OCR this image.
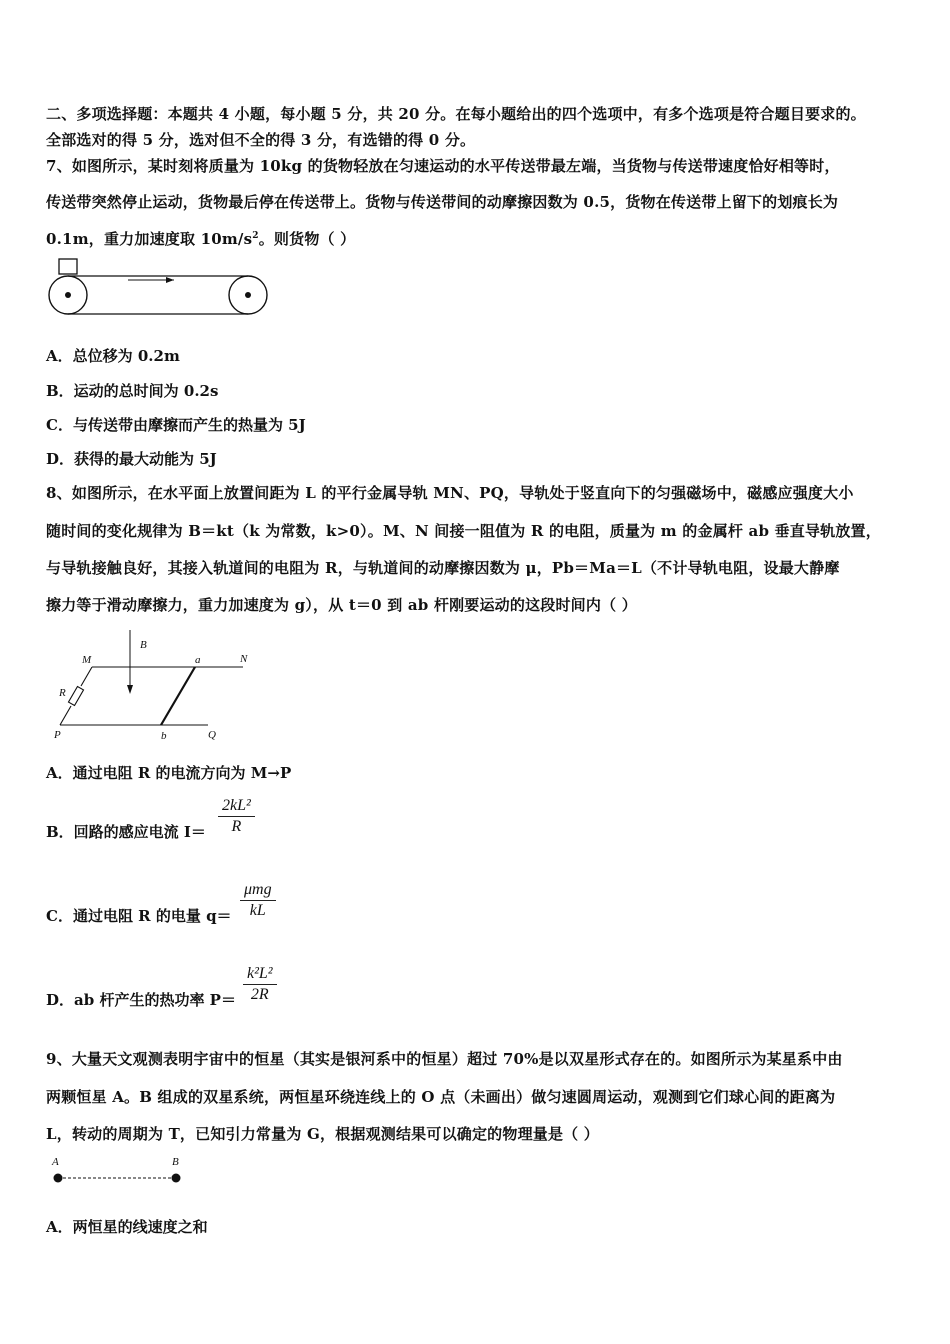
二、多项选择题：本题共 4 小题，每小题 5 分，共 20 分。在每小题给出的四个选项中，有多个选项是符合题目要求的。
全部选对的得 5 分，选对但不全的得 3 分，有选错的得 0 分。
7、如图所示，某时刻将质量为 10kg 的货物轻放在匀速运动的水平传送带最左端，当货物与传送带速度恰好相等时，
传送带突然停止运动，货物最后停在传送带上。货物与传送带间的动摩擦因数为 0.5，货物在传送带上留下的划痕长为
0.1m，重力加速度取 $10m/s^2$。则货物（ ）
A．总位移为 0.2m
B．运动的总时间为 0.2s
C．与传送带由摩擦而产生的热量为 5J
D．获得的最大动能为 5J
8、如图所示，在水平面上放置间距为 L 的平行金属导轨 MN、PQ，导轨处于竖直向下的匀强磁场中，磁感应强度大小
随时间的变化规律为 B＝kt（k 为常数，k>0）。M、N 间接一阻值为 R 的电阻，质量为 m 的金属杆 ab 垂直导轨放置，
与导轨接触良好，其接入轨道间的电阻为 R，与轨道间的动摩擦因数为 μ，Pb＝Ma＝L（不计导轨电阻，设最大静摩
擦力等于滑动摩擦力，重力加速度为 g），从 t＝0 到 ab 杆刚要运动的这段时间内（ ）
B
M	a	N
R
P	b	Q
A．通过电阻 R 的电流方向为 M→P
B．回路的感应电流 I＝
2kL²
R
C．通过电阻 R 的电量 q＝
μmg
kL
D．ab 杆产生的热功率 P＝
k²L²
2R
9、大量天文观测表明宇宙中的恒星（其实是银河系中的恒星）超过 70%是以双星形式存在的。如图所示为某星系中由
两颗恒星 A。B 组成的双星系统，两恒星环绕连线上的 O 点（未画出）做匀速圆周运动，观测到它们球心间的距离为
L，转动的周期为 T，已知引力常量为 G，根据观测结果可以确定的物理量是（ ）
A	B
A．两恒星的线速度之和
